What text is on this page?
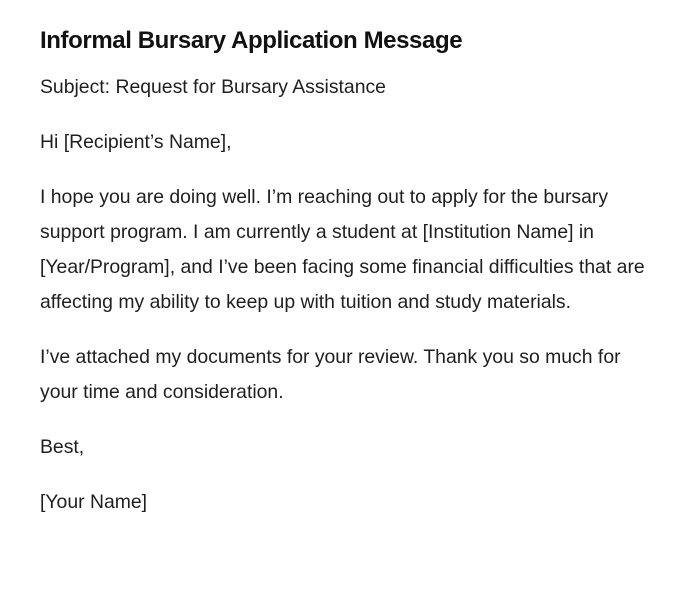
Informal Bursary Application Message

Subject: Request for Bursary Assistance

Hi [Recipient’s Name],

I hope you are doing well. I’m reaching out to apply for the bursary support program. I am currently a student at [Institution Name] in [Year/Program], and I’ve been facing some financial difficulties that are affecting my ability to keep up with tuition and study materials.

I’ve attached my documents for your review. Thank you so much for your time and consideration.

Best,

[Your Name]
